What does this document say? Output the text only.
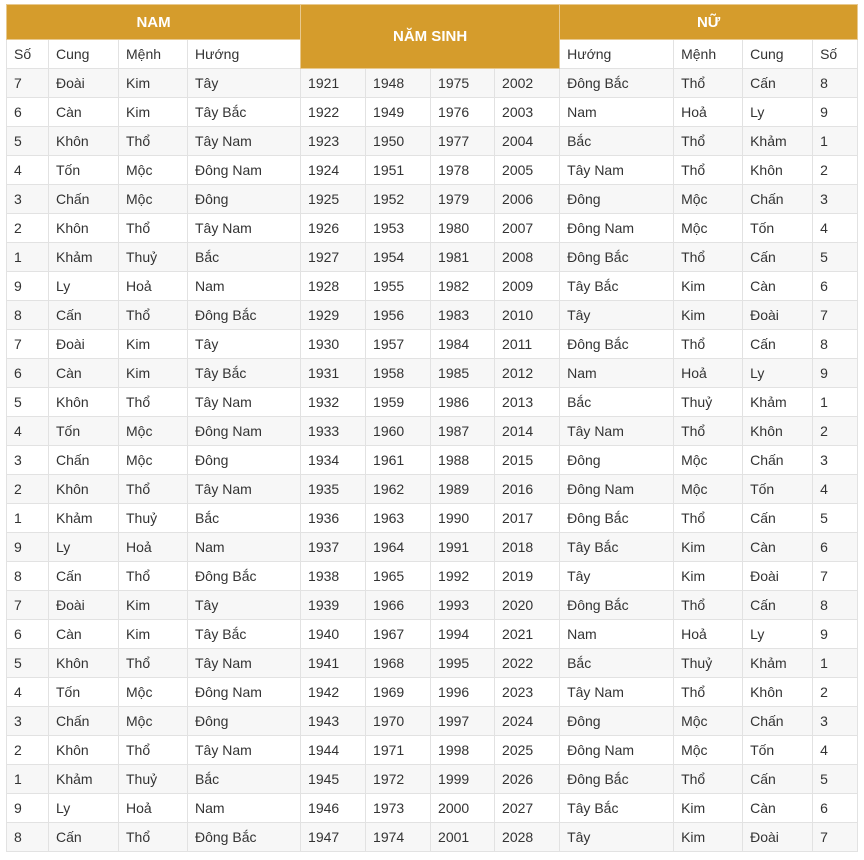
NAM				NĂM SINH				NỮ			
Số	Cung	Mệnh	Hướng					Hướng	Mệnh	Cung	Số
7	Đoài	Kim	Tây	1921	1948	1975	2002	Đông Bắc	Thổ	Cấn	8
6	Càn	Kim	Tây Bắc	1922	1949	1976	2003	Nam	Hoả	Ly	9
5	Khôn	Thổ	Tây Nam	1923	1950	1977	2004	Bắc	Thổ	Khảm	1
4	Tốn	Mộc	Đông Nam	1924	1951	1978	2005	Tây Nam	Thổ	Khôn	2
3	Chấn	Mộc	Đông	1925	1952	1979	2006	Đông	Mộc	Chấn	3
2	Khôn	Thổ	Tây Nam	1926	1953	1980	2007	Đông Nam	Mộc	Tốn	4
1	Khảm	Thuỷ	Bắc	1927	1954	1981	2008	Đông Bắc	Thổ	Cấn	5
9	Ly	Hoả	Nam	1928	1955	1982	2009	Tây Bắc	Kim	Càn	6
8	Cấn	Thổ	Đông Bắc	1929	1956	1983	2010	Tây	Kim	Đoài	7
7	Đoài	Kim	Tây	1930	1957	1984	2011	Đông Bắc	Thổ	Cấn	8
6	Càn	Kim	Tây Bắc	1931	1958	1985	2012	Nam	Hoả	Ly	9
5	Khôn	Thổ	Tây Nam	1932	1959	1986	2013	Bắc	Thuỷ	Khảm	1
4	Tốn	Mộc	Đông Nam	1933	1960	1987	2014	Tây Nam	Thổ	Khôn	2
3	Chấn	Mộc	Đông	1934	1961	1988	2015	Đông	Mộc	Chấn	3
2	Khôn	Thổ	Tây Nam	1935	1962	1989	2016	Đông Nam	Mộc	Tốn	4
1	Khảm	Thuỷ	Bắc	1936	1963	1990	2017	Đông Bắc	Thổ	Cấn	5
9	Ly	Hoả	Nam	1937	1964	1991	2018	Tây Bắc	Kim	Càn	6
8	Cấn	Thổ	Đông Bắc	1938	1965	1992	2019	Tây	Kim	Đoài	7
7	Đoài	Kim	Tây	1939	1966	1993	2020	Đông Bắc	Thổ	Cấn	8
6	Càn	Kim	Tây Bắc	1940	1967	1994	2021	Nam	Hoả	Ly	9
5	Khôn	Thổ	Tây Nam	1941	1968	1995	2022	Bắc	Thuỷ	Khảm	1
4	Tốn	Mộc	Đông Nam	1942	1969	1996	2023	Tây Nam	Thổ	Khôn	2
3	Chấn	Mộc	Đông	1943	1970	1997	2024	Đông	Mộc	Chấn	3
2	Khôn	Thổ	Tây Nam	1944	1971	1998	2025	Đông Nam	Mộc	Tốn	4
1	Khảm	Thuỷ	Bắc	1945	1972	1999	2026	Đông Bắc	Thổ	Cấn	5
9	Ly	Hoả	Nam	1946	1973	2000	2027	Tây Bắc	Kim	Càn	6
8	Cấn	Thổ	Đông Bắc	1947	1974	2001	2028	Tây	Kim	Đoài	7
